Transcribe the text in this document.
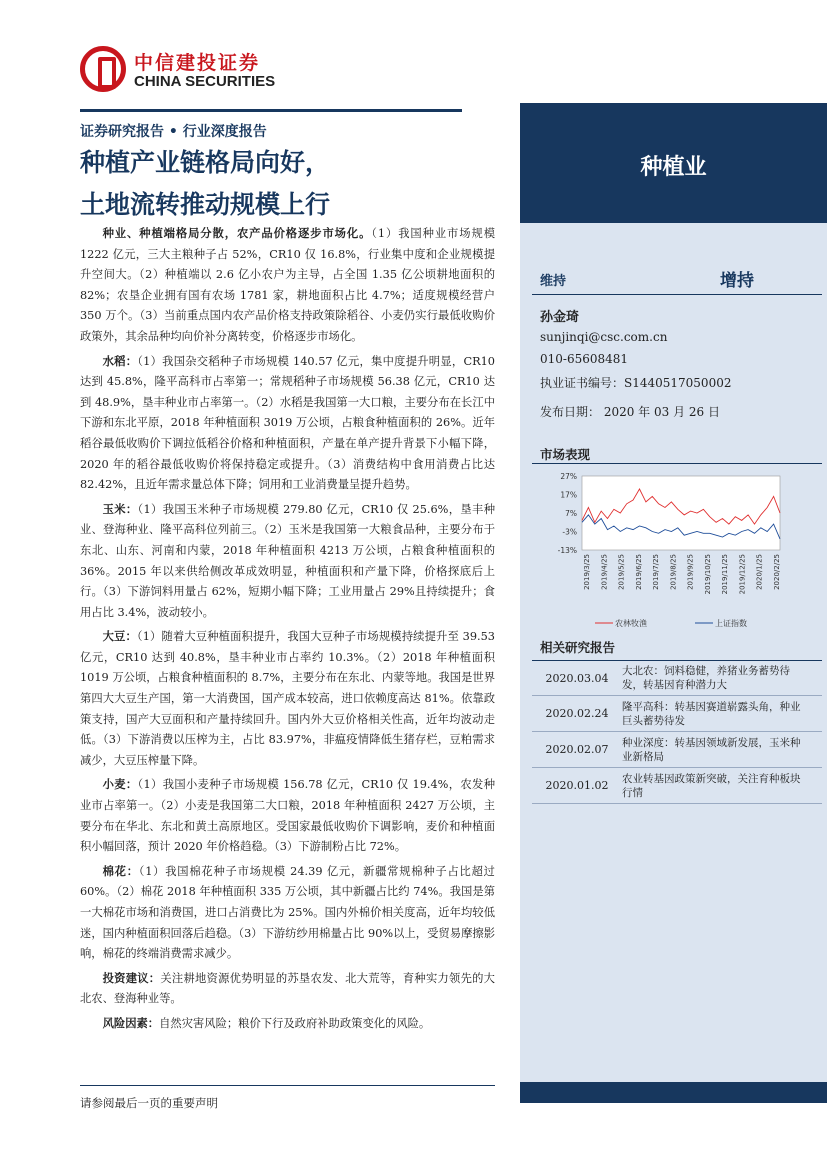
中信建投证券
CHINA SECURITIES
种植业
证券研究报告 • 行业深度报告
种植产业链格局向好，
土地流转推动规模上行

种业、种植端格局分散，农产品价格逐步市场化。（1）我国种业市场规模 1222 亿元，三大主粮种子占 52%，CR10 仅 16.8%，行业集中度和企业规模提升空间大。（2）种植端以 2.6 亿小农户为主导，占全国 1.35 亿公顷耕地面积的 82%；农垦企业拥有国有农场 1781 家，耕地面积占比 4.7%；适度规模经营户 350 万个。（3）当前重点国内农产品价格支持政策除稻谷、小麦仍实行最低收购价政策外，其余品种均向价补分离转变，价格逐步市场化。

水稻：（1）我国杂交稻种子市场规模 140.57 亿元，集中度提升明显，CR10 达到 45.8%，隆平高科市占率第一；常规稻种子市场规模 56.38 亿元，CR10 达到 48.9%，垦丰种业市占率第一。（2）水稻是我国第一大口粮，主要分布在长江中下游和东北平原，2018 年种植面积 3019 万公顷，占粮食种植面积的 26%。近年稻谷最低收购价下调拉低稻谷价格和种植面积，产量在单产提升背景下小幅下降，2020 年的稻谷最低收购价将保持稳定或提升。（3）消费结构中食用消费占比达 82.42%，且近年需求量总体下降；饲用和工业消费量呈提升趋势。

玉米：（1）我国玉米种子市场规模 279.80 亿元，CR10 仅 25.6%，垦丰种业、登海种业、隆平高科位列前三。（2）玉米是我国第一大粮食品种，主要分布于东北、山东、河南和内蒙，2018 年种植面积 4213 万公顷，占粮食种植面积的 36%。2015 年以来供给侧改革成效明显，种植面积和产量下降，价格探底后上行。（3）下游饲料用量占 62%，短期小幅下降；工业用量占 29%且持续提升；食用占比 3.4%，波动较小。

大豆：（1）随着大豆种植面积提升，我国大豆种子市场规模持续提升至 39.53 亿元，CR10 达到 40.8%，垦丰种业市占率约 10.3%。（2）2018 年种植面积 1019 万公顷，占粮食种植面积的 8.7%，主要分布在东北、内蒙等地。我国是世界第四大大豆生产国，第一大消费国，国产成本较高，进口依赖度高达 81%。依靠政策支持，国产大豆面积和产量持续回升。国内外大豆价格相关性高，近年均波动走低。（3）下游消费以压榨为主，占比 83.97%，非瘟疫情降低生猪存栏，豆粕需求减少，大豆压榨量下降。

小麦：（1）我国小麦种子市场规模 156.78 亿元，CR10 仅 19.4%，农发种业市占率第一。（2）小麦是我国第二大口粮，2018 年种植面积 2427 万公顷，主要分布在华北、东北和黄土高原地区。受国家最低收购价下调影响，麦价和种植面积小幅回落，预计 2020 年价格趋稳。（3）下游制粉占比 72%。

棉花：（1）我国棉花种子市场规模 24.39 亿元，新疆常规棉种子占比超过 60%。（2）棉花 2018 年种植面积 335 万公顷，其中新疆占比约 74%。我国是第一大棉花市场和消费国，进口占消费比为 25%。国内外棉价相关度高，近年均较低迷，国内种植面积回落后趋稳。（3）下游纺纱用棉量占比 90%以上，受贸易摩擦影响，棉花的终端消费需求减少。

投资建议：关注耕地资源优势明显的苏垦农发、北大荒等，育种实力领先的大北农、登海种业等。

风险因素：自然灾害风险；粮价下行及政府补助政策变化的风险。

维持	增持
孙金琦
sunjinqi@csc.com.cn
010-65608481
执业证书编号：S1440517050002
发布日期： 2020 年 03 月 26 日
市场表现
27%
17%
7%
-3%
-13%
2019/3/25 2019/4/25 2019/5/25 2019/6/25 2019/7/25 2019/8/25 2019/9/25 2019/10/25 2019/11/25 2019/12/25 2020/1/25 2020/2/25
农林牧渔	上证指数
相关研究报告
2020.03.04
大北农：饲料稳健，养猪业务蓄势待发，转基因育种潜力大
2020.02.24
隆平高科：转基因赛道崭露头角，种业巨头蓄势待发
2020.02.07
种业深度：转基因领域新发展，玉米种业新格局
2020.01.02
农业转基因政策新突破，关注育种板块行情
请参阅最后一页的重要声明
